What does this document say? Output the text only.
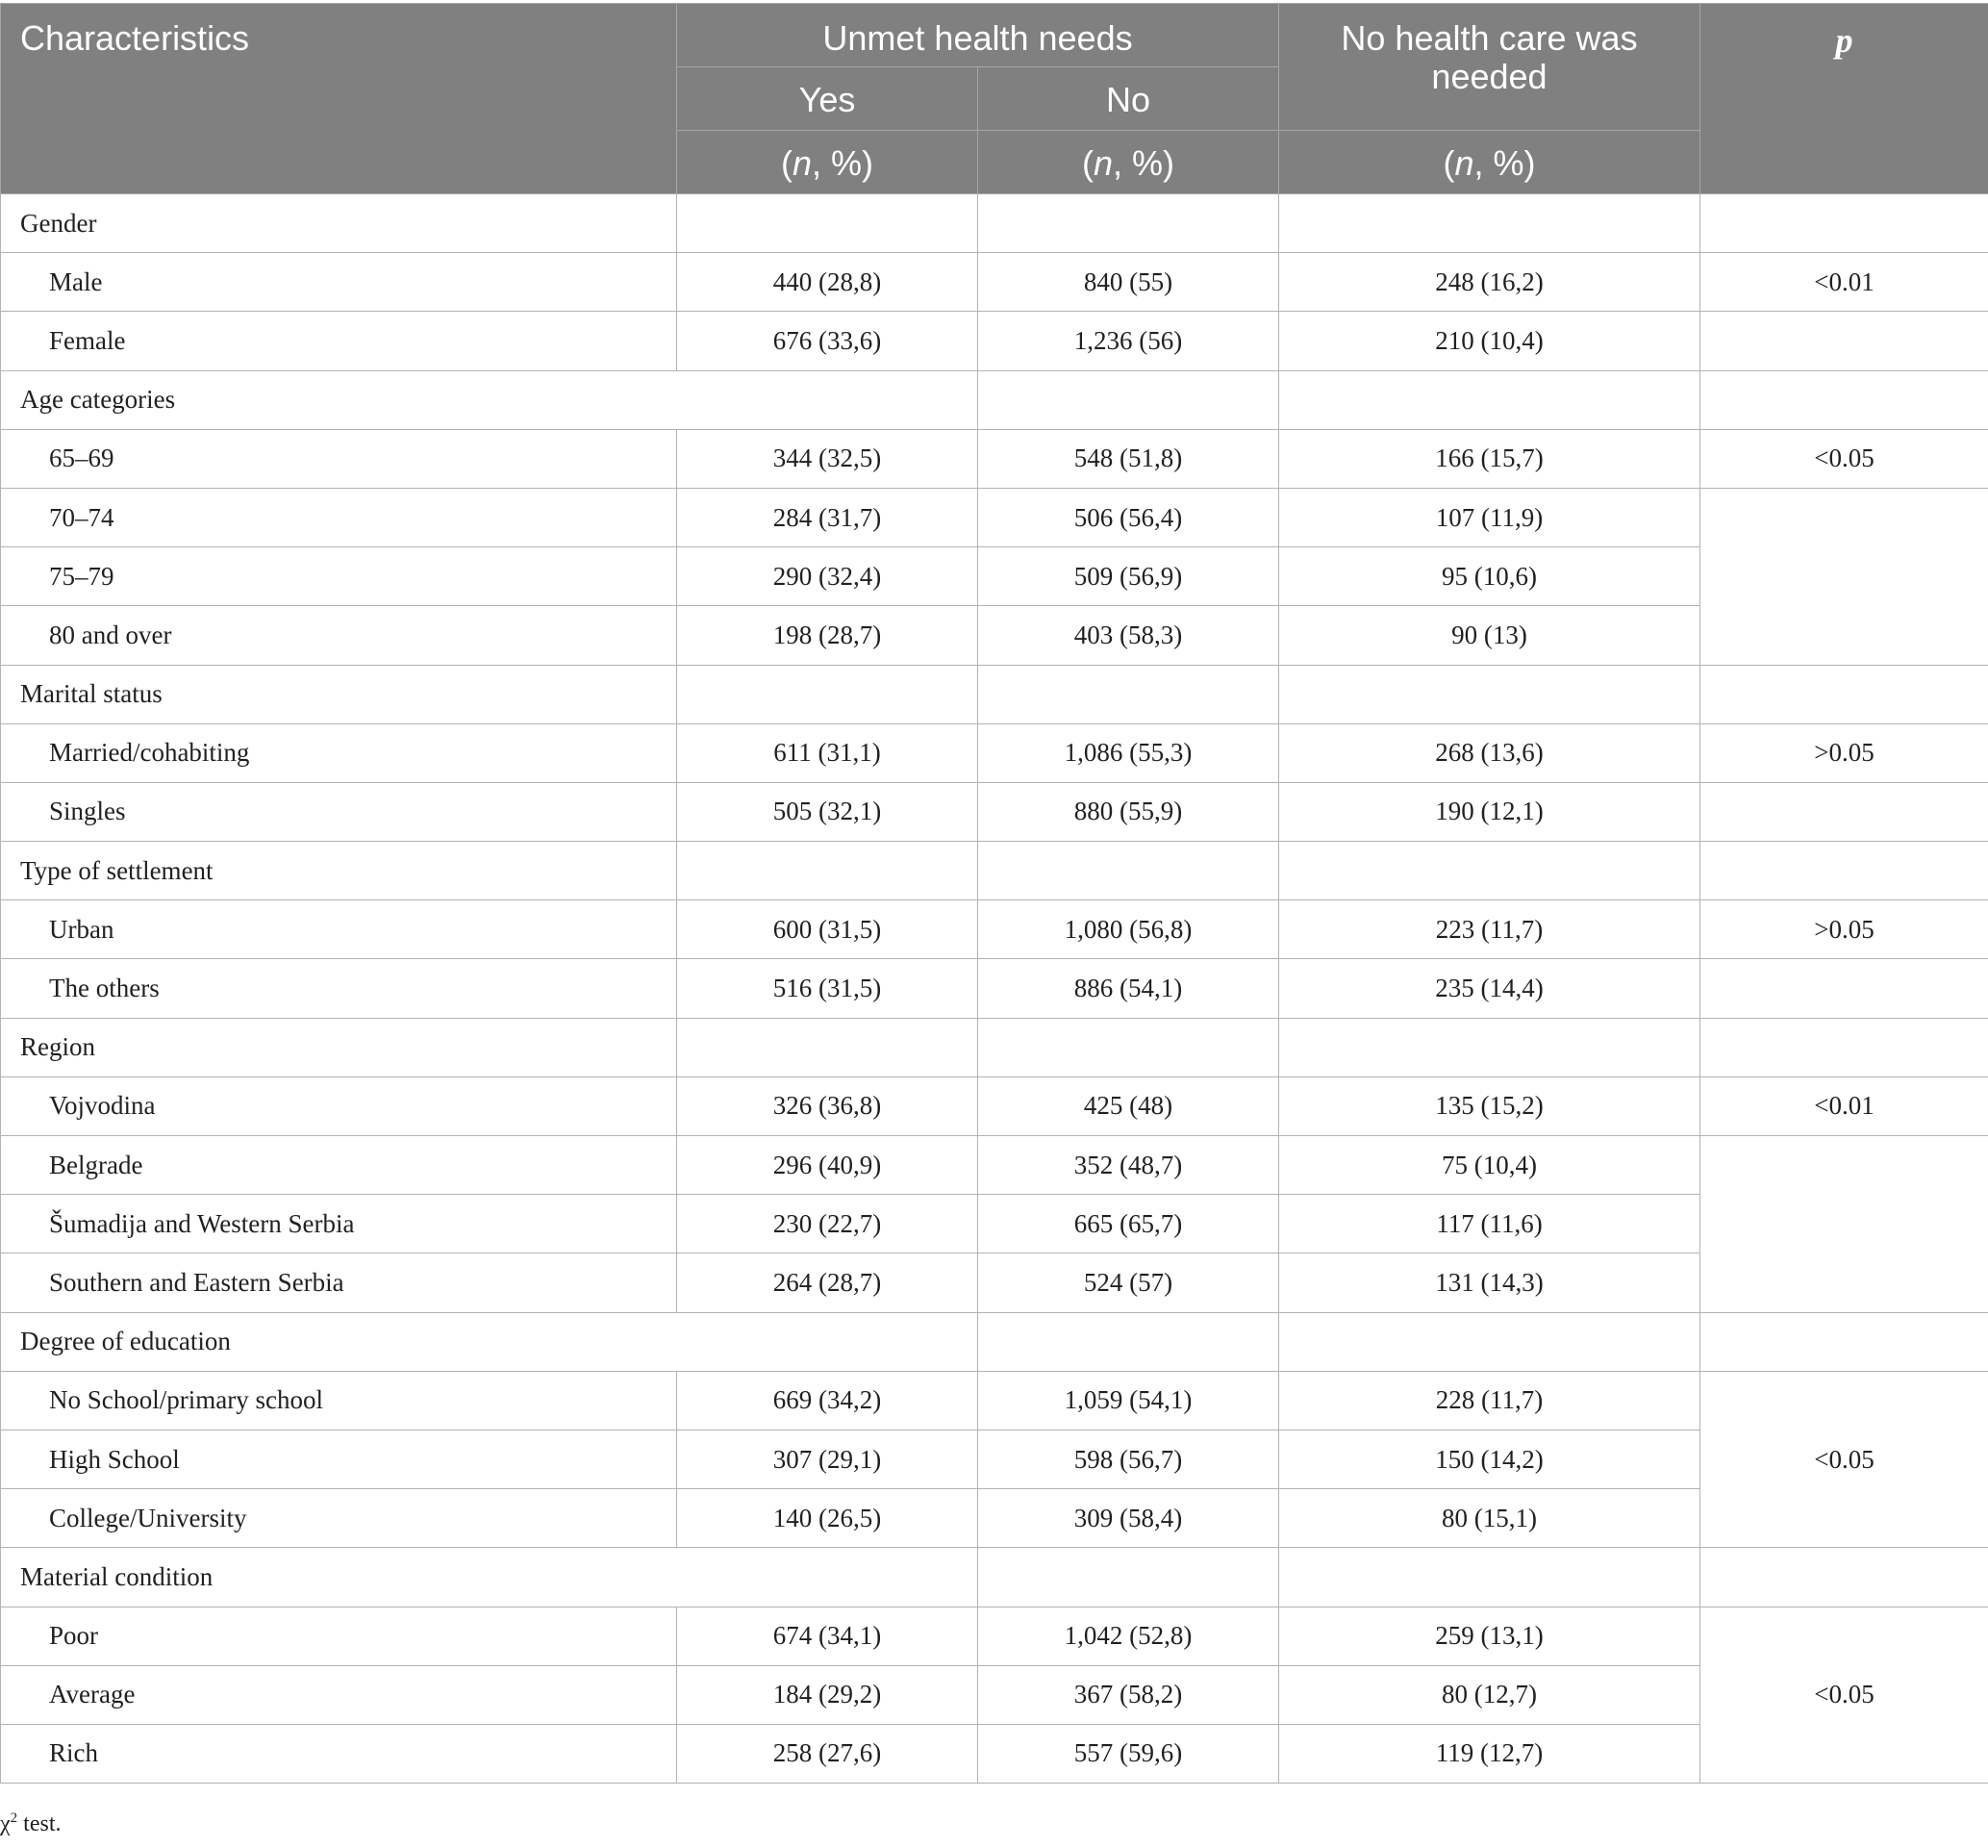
Characteristics	Unmet health needs		No health care was needed	p
	Yes	No		
	(n, %)	(n, %)	(n, %)	
Gender				
Male	440 (28,8)	840 (55)	248 (16,2)	<0.01
Female	676 (33,6)	1,236 (56)	210 (10,4)	
Age categories				
65–69	344 (32,5)	548 (51,8)	166 (15,7)	<0.05
70–74	284 (31,7)	506 (56,4)	107 (11,9)	
75–79	290 (32,4)	509 (56,9)	95 (10,6)	
80 and over	198 (28,7)	403 (58,3)	90 (13)	
Marital status				
Married/cohabiting	611 (31,1)	1,086 (55,3)	268 (13,6)	>0.05
Singles	505 (32,1)	880 (55,9)	190 (12,1)	
Type of settlement				
Urban	600 (31,5)	1,080 (56,8)	223 (11,7)	>0.05
The others	516 (31,5)	886 (54,1)	235 (14,4)	
Region				
Vojvodina	326 (36,8)	425 (48)	135 (15,2)	<0.01
Belgrade	296 (40,9)	352 (48,7)	75 (10,4)	
Šumadija and Western Serbia	230 (22,7)	665 (65,7)	117 (11,6)	
Southern and Eastern Serbia	264 (28,7)	524 (57)	131 (14,3)	
Degree of education				
No School/primary school	669 (34,2)	1,059 (54,1)	228 (11,7)	<0.05
High School	307 (29,1)	598 (56,7)	150 (14,2)	
College/University	140 (26,5)	309 (58,4)	80 (15,1)	
Material condition				
Poor	674 (34,1)	1,042 (52,8)	259 (13,1)	<0.05
Average	184 (29,2)	367 (58,2)	80 (12,7)	
Rich	258 (27,6)	557 (59,6)	119 (12,7)	
$\chi^2$ test.
